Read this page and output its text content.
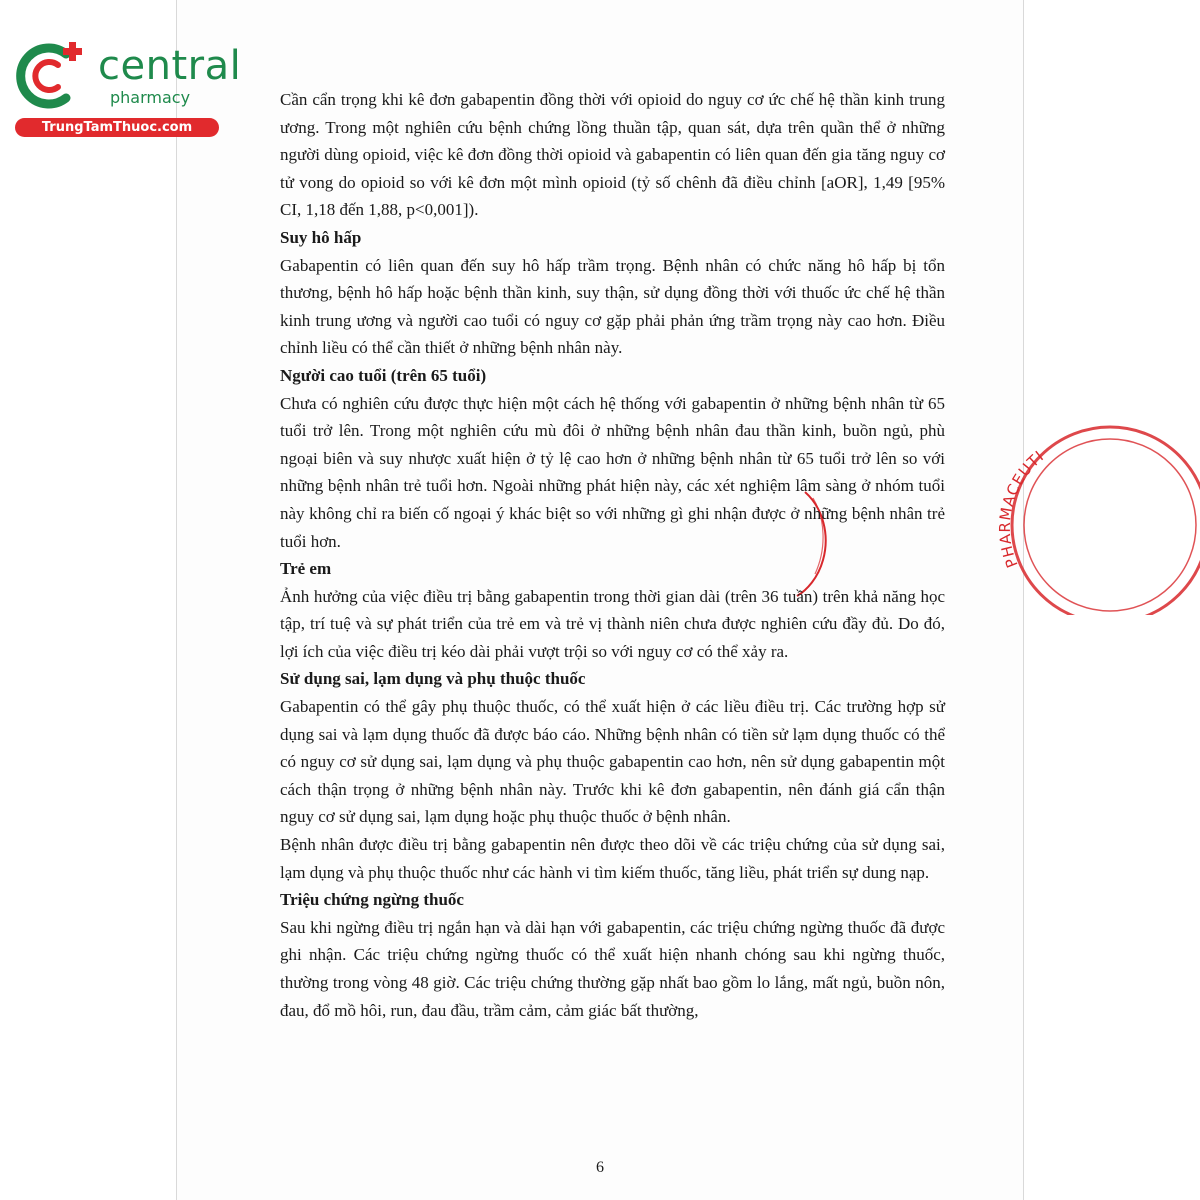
central
pharmacy
TrungTamThuoc.com
PHARMACEUTI

Cần cẩn trọng khi kê đơn gabapentin đồng thời với opioid do nguy cơ ức chế hệ thần kinh trung ương. Trong một nghiên cứu bệnh chứng lồng thuần tập, quan sát, dựa trên quần thể ở những người dùng opioid, việc kê đơn đồng thời opioid và gabapentin có liên quan đến gia tăng nguy cơ tử vong do opioid so với kê đơn một mình opioid (tỷ số chênh đã điều chỉnh [aOR], 1,49 [95% CI, 1,18 đến 1,88, p<0,001]).

Suy hô hấp

Gabapentin có liên quan đến suy hô hấp trầm trọng. Bệnh nhân có chức năng hô hấp bị tổn thương, bệnh hô hấp hoặc bệnh thần kinh, suy thận, sử dụng đồng thời với thuốc ức chế hệ thần kinh trung ương và người cao tuổi có nguy cơ gặp phải phản ứng trầm trọng này cao hơn. Điều chỉnh liều có thể cần thiết ở những bệnh nhân này.

Người cao tuổi (trên 65 tuổi)

Chưa có nghiên cứu được thực hiện một cách hệ thống với gabapentin ở những bệnh nhân từ 65 tuổi trở lên. Trong một nghiên cứu mù đôi ở những bệnh nhân đau thần kinh, buồn ngủ, phù ngoại biên và suy nhược xuất hiện ở tỷ lệ cao hơn ở những bệnh nhân từ 65 tuổi trở lên so với những bệnh nhân trẻ tuổi hơn. Ngoài những phát hiện này, các xét nghiệm lâm sàng ở nhóm tuổi này không chỉ ra biến cố ngoại ý khác biệt so với những gì ghi nhận được ở những bệnh nhân trẻ tuổi hơn.

Trẻ em

Ảnh hưởng của việc điều trị bằng gabapentin trong thời gian dài (trên 36 tuần) trên khả năng học tập, trí tuệ và sự phát triển của trẻ em và trẻ vị thành niên chưa được nghiên cứu đầy đủ. Do đó, lợi ích của việc điều trị kéo dài phải vượt trội so với nguy cơ có thể xảy ra.

Sử dụng sai, lạm dụng và phụ thuộc thuốc

Gabapentin có thể gây phụ thuộc thuốc, có thể xuất hiện ở các liều điều trị. Các trường hợp sử dụng sai và lạm dụng thuốc đã được báo cáo. Những bệnh nhân có tiền sử lạm dụng thuốc có thể có nguy cơ sử dụng sai, lạm dụng và phụ thuộc gabapentin cao hơn, nên sử dụng gabapentin một cách thận trọng ở những bệnh nhân này. Trước khi kê đơn gabapentin, nên đánh giá cẩn thận nguy cơ sử dụng sai, lạm dụng hoặc phụ thuộc thuốc ở bệnh nhân.

Bệnh nhân được điều trị bằng gabapentin nên được theo dõi về các triệu chứng của sử dụng sai, lạm dụng và phụ thuộc thuốc như các hành vi tìm kiếm thuốc, tăng liều, phát triển sự dung nạp.

Triệu chứng ngừng thuốc

Sau khi ngừng điều trị ngắn hạn và dài hạn với gabapentin, các triệu chứng ngừng thuốc đã được ghi nhận. Các triệu chứng ngừng thuốc có thể xuất hiện nhanh chóng sau khi ngừng thuốc, thường trong vòng 48 giờ. Các triệu chứng thường gặp nhất bao gồm lo lắng, mất ngủ, buồn nôn, đau, đổ mồ hôi, run, đau đầu, trầm cảm, cảm giác bất thường,

6
